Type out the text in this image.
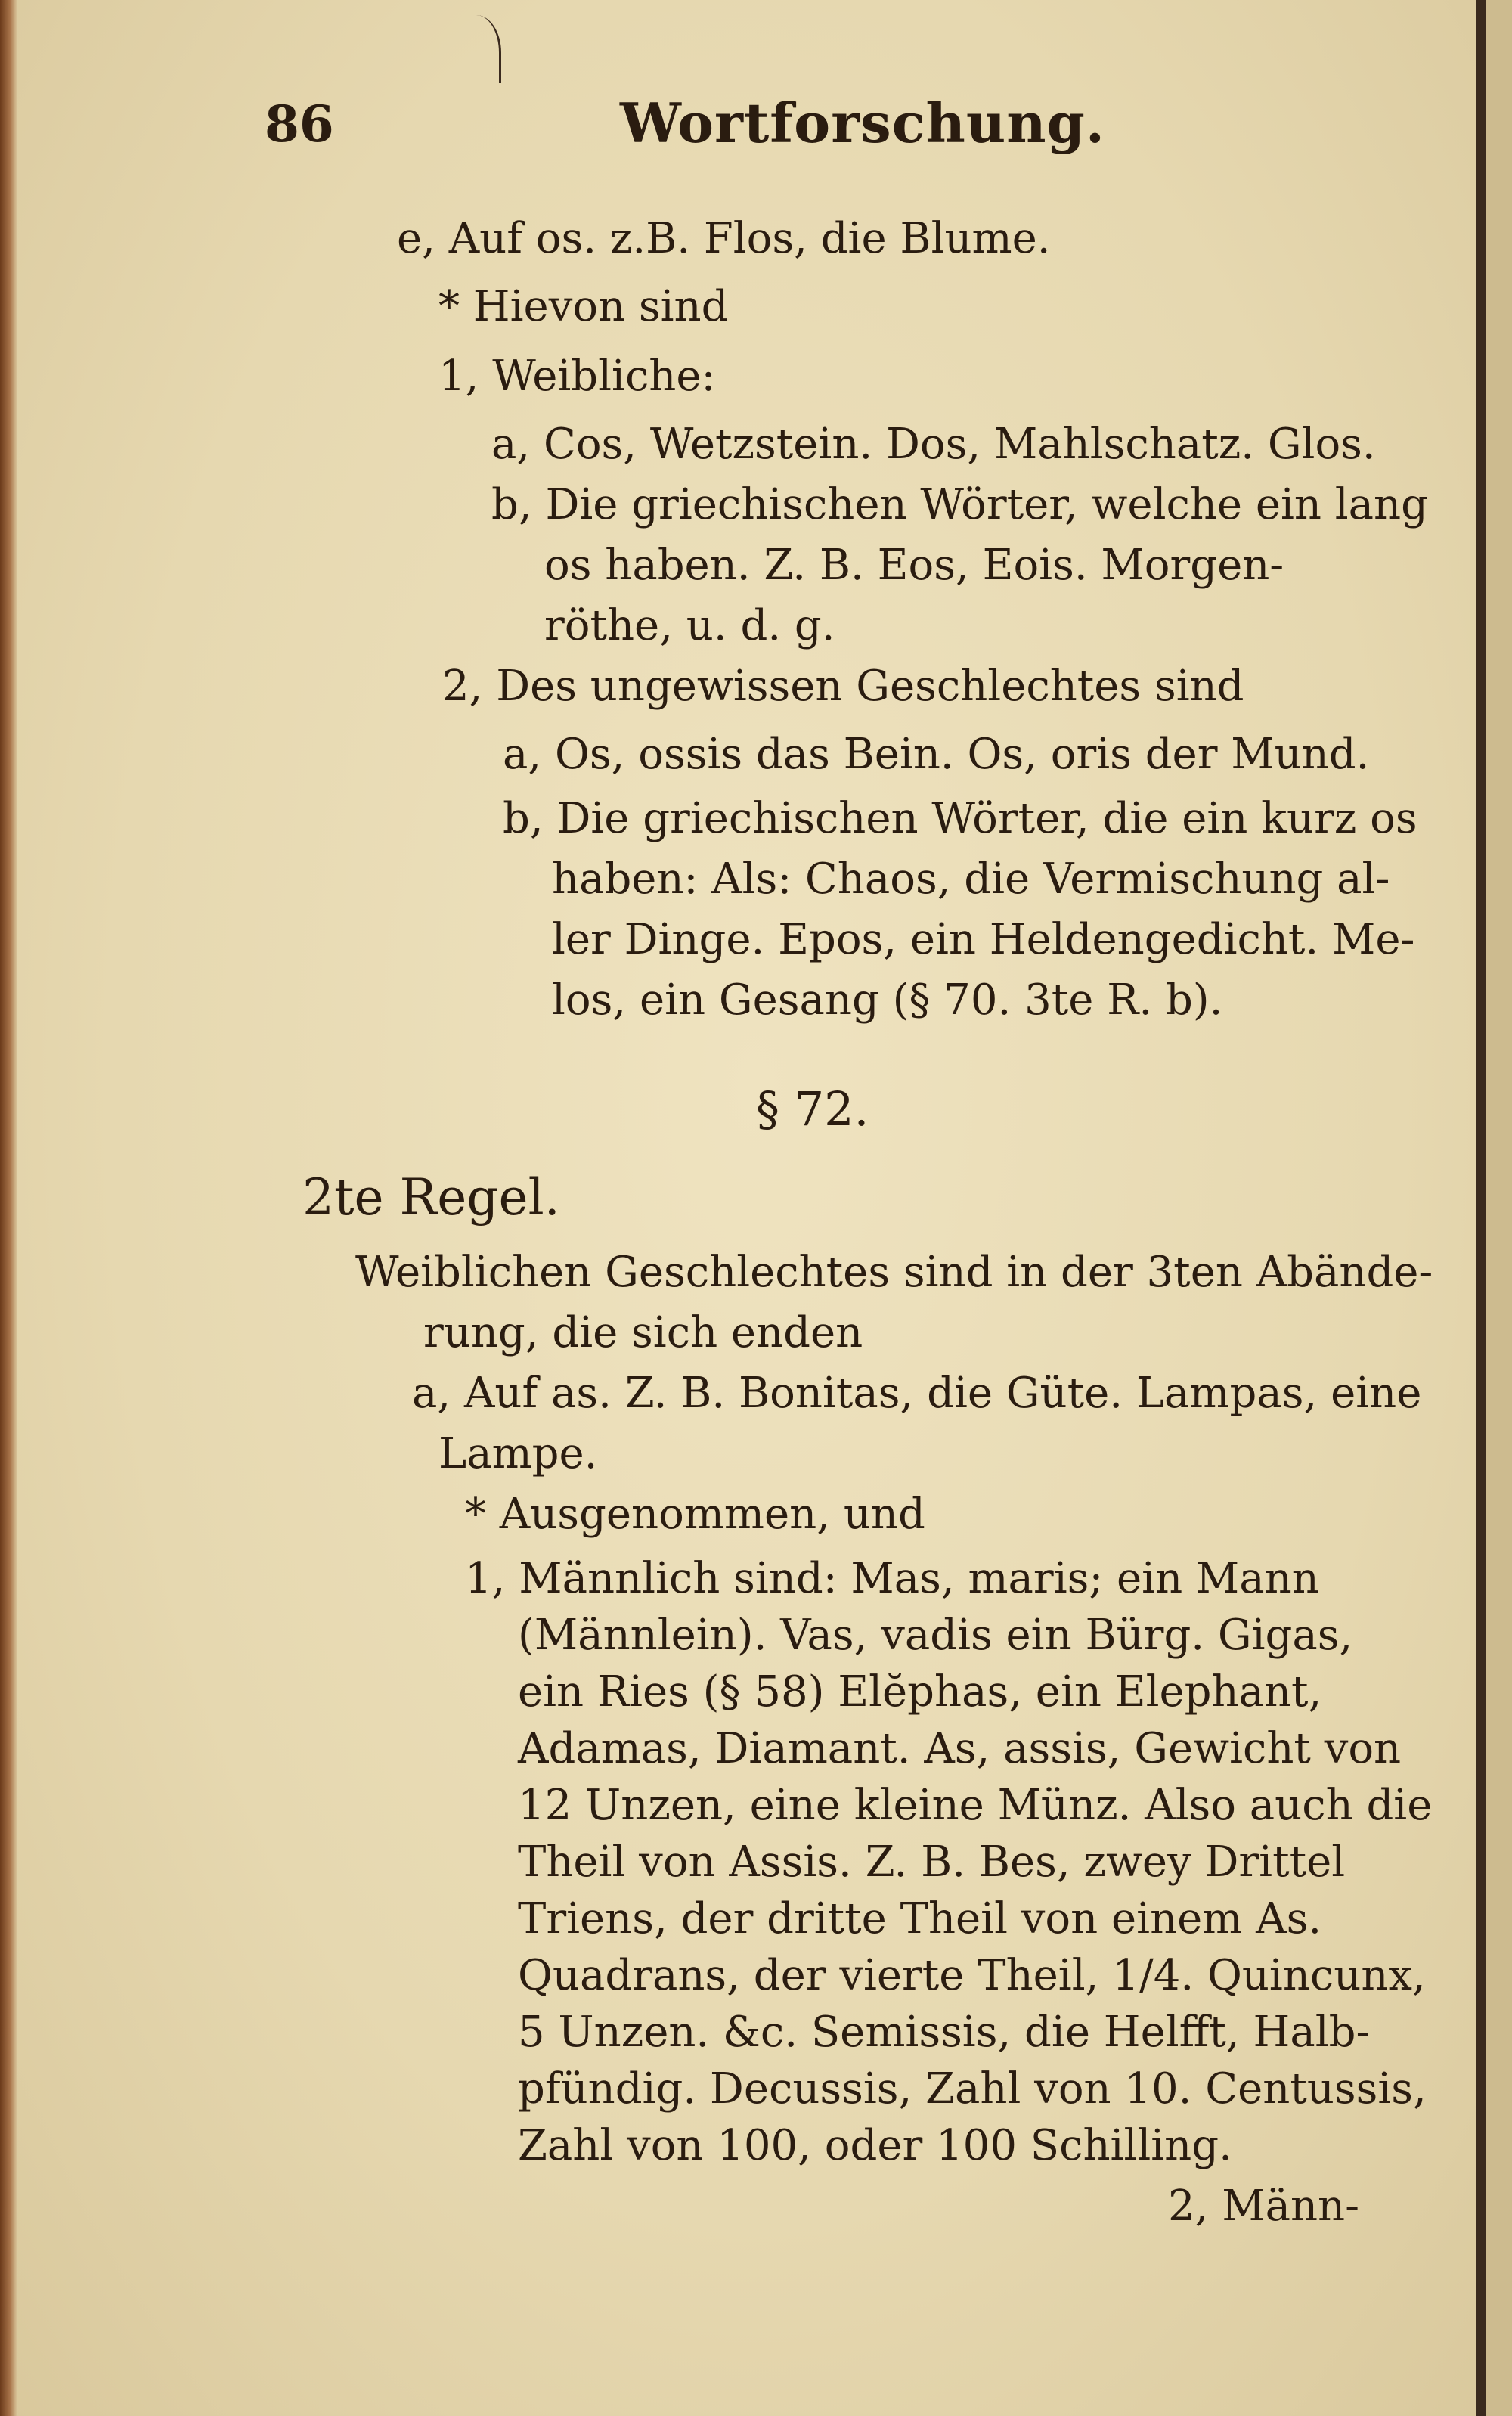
86	Wortforschung.
e, Auf os. z.B. Flos, die Blume.
* Hievon sind
1, Weibliche:
a, Cos, Wetzstein. Dos, Mahlschatz. Glos.
b, Die griechischen Wörter, welche ein lang
os haben. Z. B. Eos, Eois. Morgen-
röthe, u. d. g.
2, Des ungewissen Geschlechtes sind
a, Os, ossis das Bein. Os, oris der Mund.
b, Die griechischen Wörter, die ein kurz os
haben: Als: Chaos, die Vermischung al-
ler Dinge. Epos, ein Heldengedicht. Me-
los, ein Gesang (§ 70. 3te R. b).
§ 72.
2te Regel.
Weiblichen Geschlechtes sind in der 3ten Abände-
rung, die sich enden
a, Auf as. Z. B. Bonitas, die Güte. Lampas, eine
Lampe.
* Ausgenommen, und
1, Männlich sind: Mas, maris; ein Mann
(Männlein). Vas, vadis ein Bürg. Gigas,
ein Ries (§ 58) Elĕphas, ein Elephant,
Adamas, Diamant. As, assis, Gewicht von
12 Unzen, eine kleine Münz. Also auch die
Theil von Assis. Z. B. Bes, zwey Drittel
Triens, der dritte Theil von einem As.
Quadrans, der vierte Theil, 1/4. Quincunx,
5 Unzen. &c. Semissis, die Helfft, Halb-
pfündig. Decussis, Zahl von 10. Centussis,
Zahl von 100, oder 100 Schilling.
2, Männ-
